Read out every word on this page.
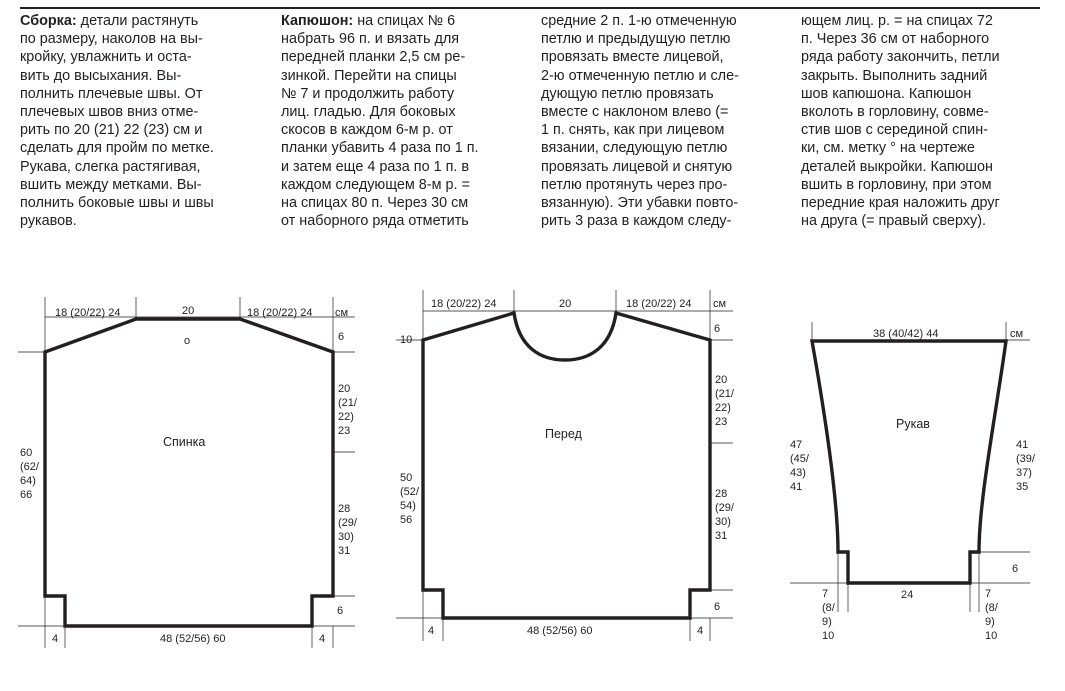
Сборка: детали растянуть
по размеру, наколов на вы-
кройку, увлажнить и оста-
вить до высыхания. Вы-
полнить плечевые швы. От
плечевых швов вниз отме-
рить по 20 (21) 22 (23) см и
сделать для пройм по метке.
Рукава, слегка растягивая,
вшить между метками. Вы-
полнить боковые швы и швы
рукавов.

Капюшон: на спицах № 6
набрать 96 п. и вязать для
передней планки 2,5 см ре-
зинкой. Перейти на спицы
№ 7 и продолжить работу
лиц. гладью. Для боковых
скосов в каждом 6-м р. от
планки убавить 4 раза по 1 п.
и затем еще 4 раза по 1 п. в
каждом следующем 8-м р. =
на спицах 80 п. Через 30 см
от наборного ряда отметить

средние 2 п. 1-ю отмеченную
петлю и предыдущую петлю
провязать вместе лицевой,
2-ю отмеченную петлю и сле-
дующую петлю провязать
вместе с наклоном влево (=
1 п. снять, как при лицевом
вязании, следующую петлю
провязать лицевой и снятую
петлю протянуть через про-
вязанную). Эти убавки повто-
рить 3 раза в каждом следу-

ющем лиц. р. = на спицах 72
п. Через 36 см от наборного
ряда работу закончить, петли
закрыть. Выполнить задний
шов капюшона. Капюшон
вколоть в горловину, совме-
стив шов с серединой спин-
ки, см. метку ° на чертеже
деталей выкройки. Капюшон
вшить в горловину, при этом
передние края наложить друг
на друга (= правый сверху).

18 (20/22) 24	20	18 (20/22) 24 см
о	6
20 (21/ 22) 23
28 (29/ 30) 31
60 (62/ 64) 66
Спинка
6
4	48 (52/56) 60	4
18 (20/22) 24	20	18 (20/22) 24 см
10
6
20 (21/ 22) 23
28 (29/ 30) 31
50 (52/ 54) 56
Перед
6
4	48 (52/56) 60	4
38 (40/42) 44	см
47 (45/ 43) 41
41 (39/ 37) 35
Рукав
6
24
7 (8/ 9) 10
7 (8/ 9) 10
